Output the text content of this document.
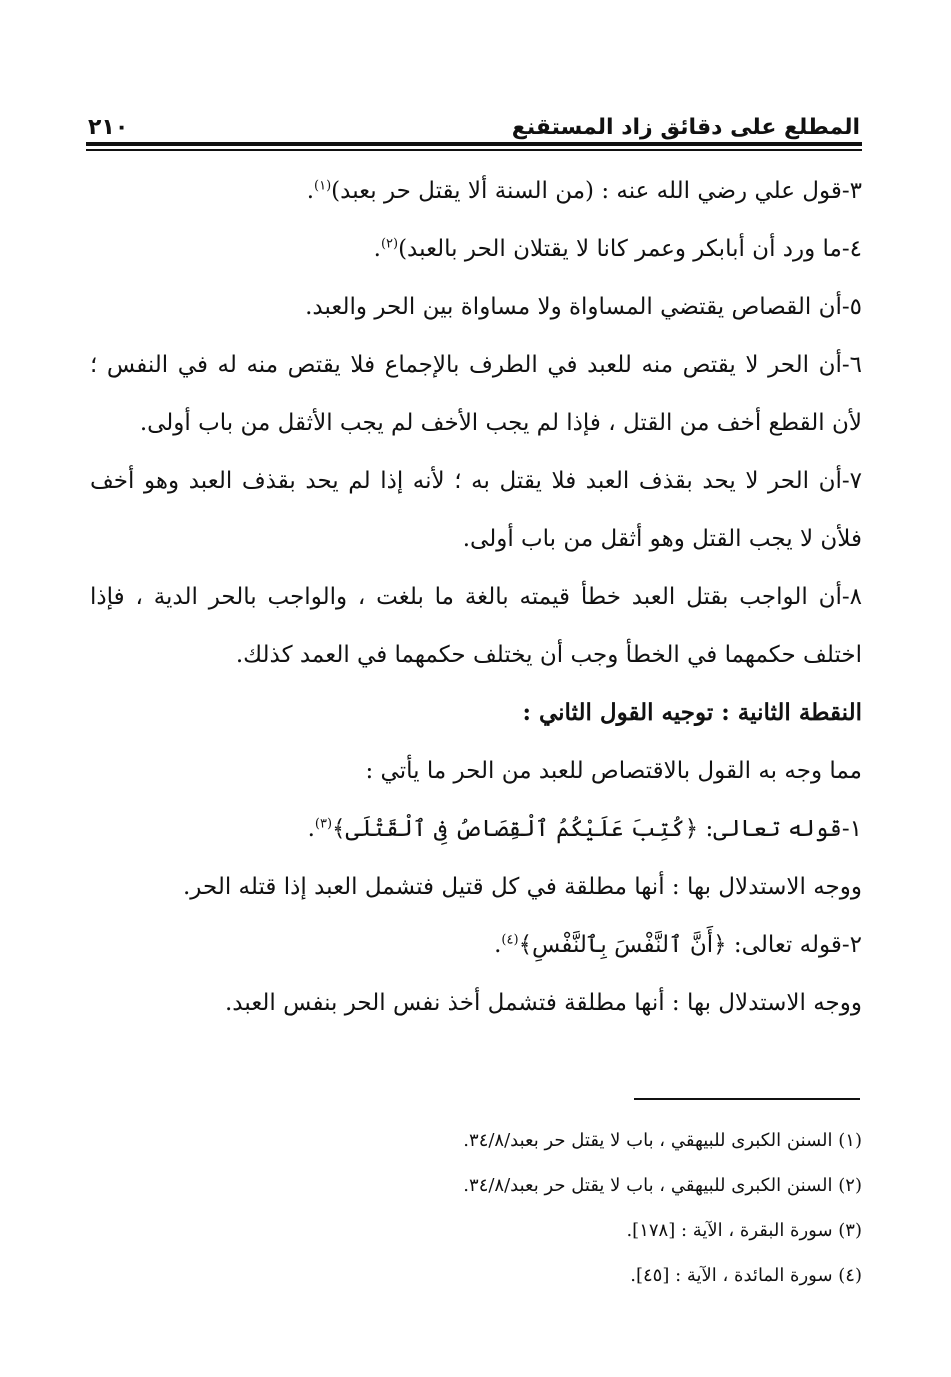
المطلع على دقائق زاد المستقنع
٢١٠

٣-قول علي رضي الله عنه : (من السنة ألا يقتل حر بعبد)$^{(١)}$.

٤-ما ورد أن أبابكر وعمر كانا لا يقتلان الحر بالعبد)$^{(٢)}$.

٥-أن القصاص يقتضي المساواة ولا مساواة بين الحر والعبد.

٦-أن الحر لا يقتص منه للعبد في الطرف بالإجماع فلا يقتص منه له في النفس ؛ لأن القطع أخف من القتل ، فإذا لم يجب الأخف لم يجب الأثقل من باب أولى.

٧-أن الحر لا يحد بقذف العبد فلا يقتل به ؛ لأنه إذا لم يحد بقذف العبد وهو أخف فلأن لا يجب القتل وهو أثقل من باب أولى.

٨-أن الواجب بقتل العبد خطأ قيمته بالغة ما بلغت ، والواجب بالحر الدية ، فإذا اختلف حكمهما في الخطأ وجب أن يختلف حكمهما في العمد كذلك.

النقطة الثانية : توجيه القول الثاني :

مما وجه به القول بالاقتصاص للعبد من الحر ما يأتي :

١-قوله تعالى: ﴿كُتِبَ عَلَيْكُمُ ٱلْقِصَاصُ فِى ٱلْقَتْلَى﴾$^{(٣)}$.

ووجه الاستدلال بها : أنها مطلقة في كل قتيل فتشمل العبد إذا قتله الحر.

٢-قوله تعالى: ﴿أَنَّ ٱلنَّفْسَ بِٱلنَّفْسِ﴾$^{(٤)}$.

ووجه الاستدلال بها : أنها مطلقة فتشمل أخذ نفس الحر بنفس العبد.

(١) السنن الكبرى للبيهقي ، باب لا يقتل حر بعبد/٣٤/٨.
(٢) السنن الكبرى للبيهقي ، باب لا يقتل حر بعبد/٣٤/٨.
(٣) سورة البقرة ، الآية : [١٧٨].
(٤) سورة المائدة ، الآية : [٤٥].
